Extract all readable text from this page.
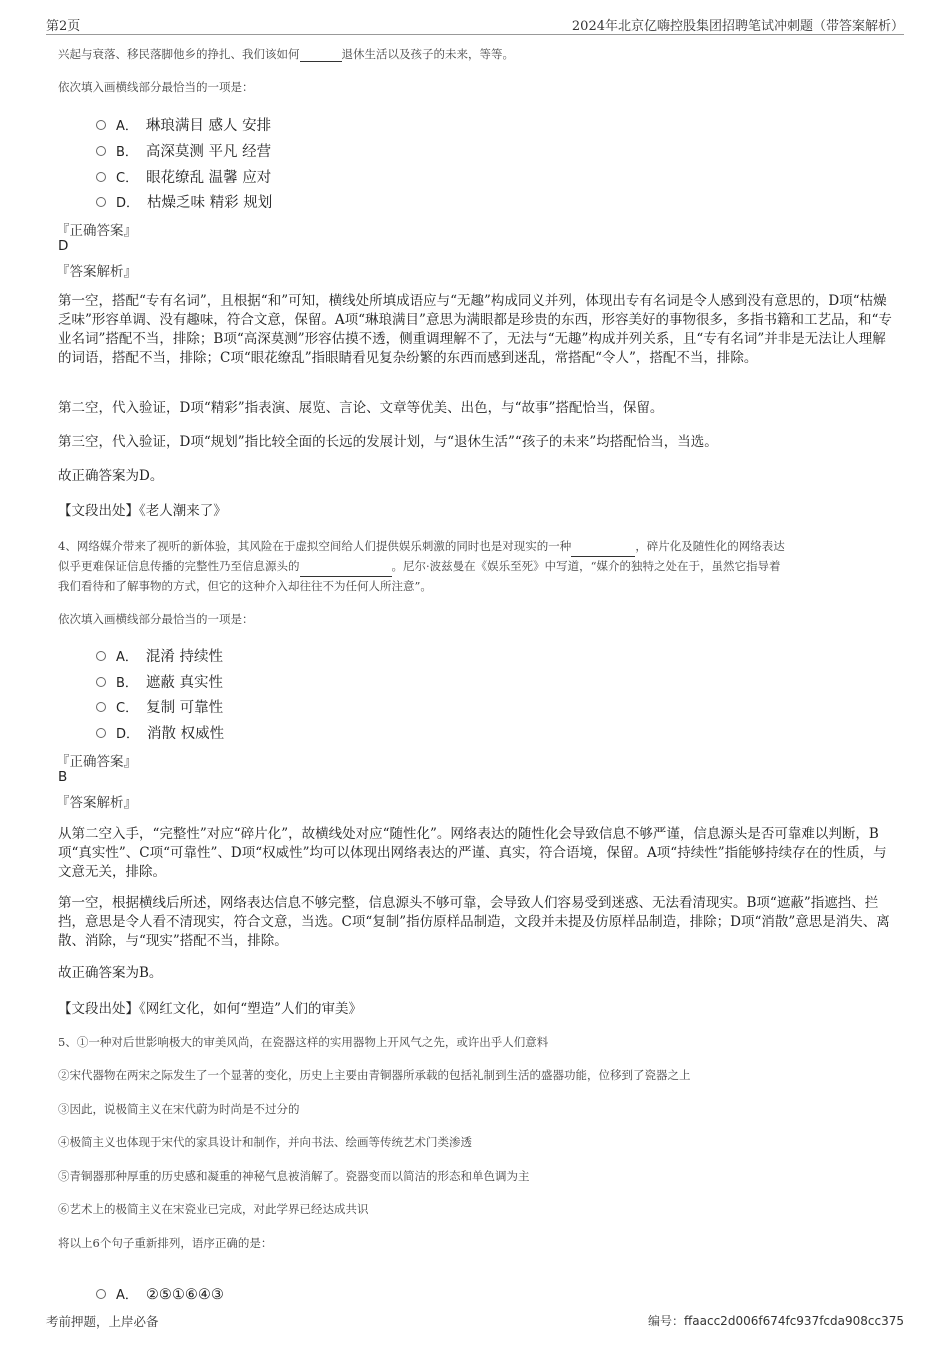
第2页	2024年北京亿嗨控股集团招聘笔试冲刺题（带答案解析）
兴起与衰落、移民落脚他乡的挣扎、我们该如何	退休生活以及孩子的未来，等等。
依次填入画横线部分最恰当的一项是：
A． 琳琅满目 感人 安排
B． 高深莫测 平凡 经营
C． 眼花缭乱 温馨 应对
D． 枯燥乏味 精彩 规划
『正确答案』
D
『答案解析』
第一空，搭配“专有名词”，且根据“和”可知，横线处所填成语应与“无趣”构成同义并列，体现出专有名词是令人感到没有意思的，D项“枯燥乏味”形容单调、没有趣味，符合文意，保留。A项“琳琅满目”意思为满眼都是珍贵的东西，形容美好的事物很多，多指书籍和工艺品，和“专业名词”搭配不当，排除；B项“高深莫测”形容估摸不透，侧重调理解不了，无法与“无趣”构成并列关系，且“专有名词”并非是无法让人理解的词语，搭配不当，排除；C项“眼花缭乱”指眼睛看见复杂纷繁的东西而感到迷乱，常搭配“令人”，搭配不当，排除。
第二空，代入验证，D项“精彩”指表演、展览、言论、文章等优美、出色，与“故事”搭配恰当，保留。
第三空，代入验证，D项“规划”指比较全面的长远的发展计划，与“退休生活”“孩子的未来”均搭配恰当，当选。
故正确答案为D。
【文段出处】《老人潮来了》
4、网络媒介带来了视听的新体验，其风险在于虚拟空间给人们提供娱乐刺激的同时也是对现实的一种	，碎片化及随性化的网络表达
似乎更难保证信息传播的完整性乃至信息源头的	。尼尔·波兹曼在《娱乐至死》中写道，“媒介的独特之处在于，虽然它指导着
我们看待和了解事物的方式，但它的这种介入却往往不为任何人所注意”。
依次填入画横线部分最恰当的一项是：
A． 混淆 持续性
B． 遮蔽 真实性
C． 复制 可靠性
D． 消散 权威性
『正确答案』
B
『答案解析』
从第二空入手，“完整性”对应“碎片化”，故横线处对应“随性化”。网络表达的随性化会导致信息不够严谨，信息源头是否可靠难以判断，B项“真实性”、C项“可靠性”、D项“权威性”均可以体现出网络表达的严谨、真实，符合语境，保留。A项“持续性”指能够持续存在的性质，与文意无关，排除。
第一空，根据横线后所述，网络表达信息不够完整，信息源头不够可靠，会导致人们容易受到迷惑、无法看清现实。B项“遮蔽”指遮挡、拦挡，意思是令人看不清现实，符合文意，当选。C项“复制”指仿原样品制造，文段并未提及仿原样品制造，排除；D项“消散”意思是消失、离散、消除，与“现实”搭配不当，排除。
故正确答案为B。
【文段出处】《网红文化，如何“塑造”人们的审美》
5、①一种对后世影响极大的审美风尚，在瓷器这样的实用器物上开风气之先，或许出乎人们意料
②宋代器物在两宋之际发生了一个显著的变化，历史上主要由青铜器所承载的包括礼制到生活的盛器功能，位移到了瓷器之上
③因此，说极简主义在宋代蔚为时尚是不过分的
④极简主义也体现于宋代的家具设计和制作，并向书法、绘画等传统艺术门类渗透
⑤青铜器那种厚重的历史感和凝重的神秘气息被消解了。瓷器变而以简洁的形态和单色调为主
⑥艺术上的极简主义在宋瓷业已完成，对此学界已经达成共识
将以上6个句子重新排列，语序正确的是：
A． ②⑤①⑥④③
考前押题，上岸必备	编号：ffaacc2d006f674fc937fcda908cc375
